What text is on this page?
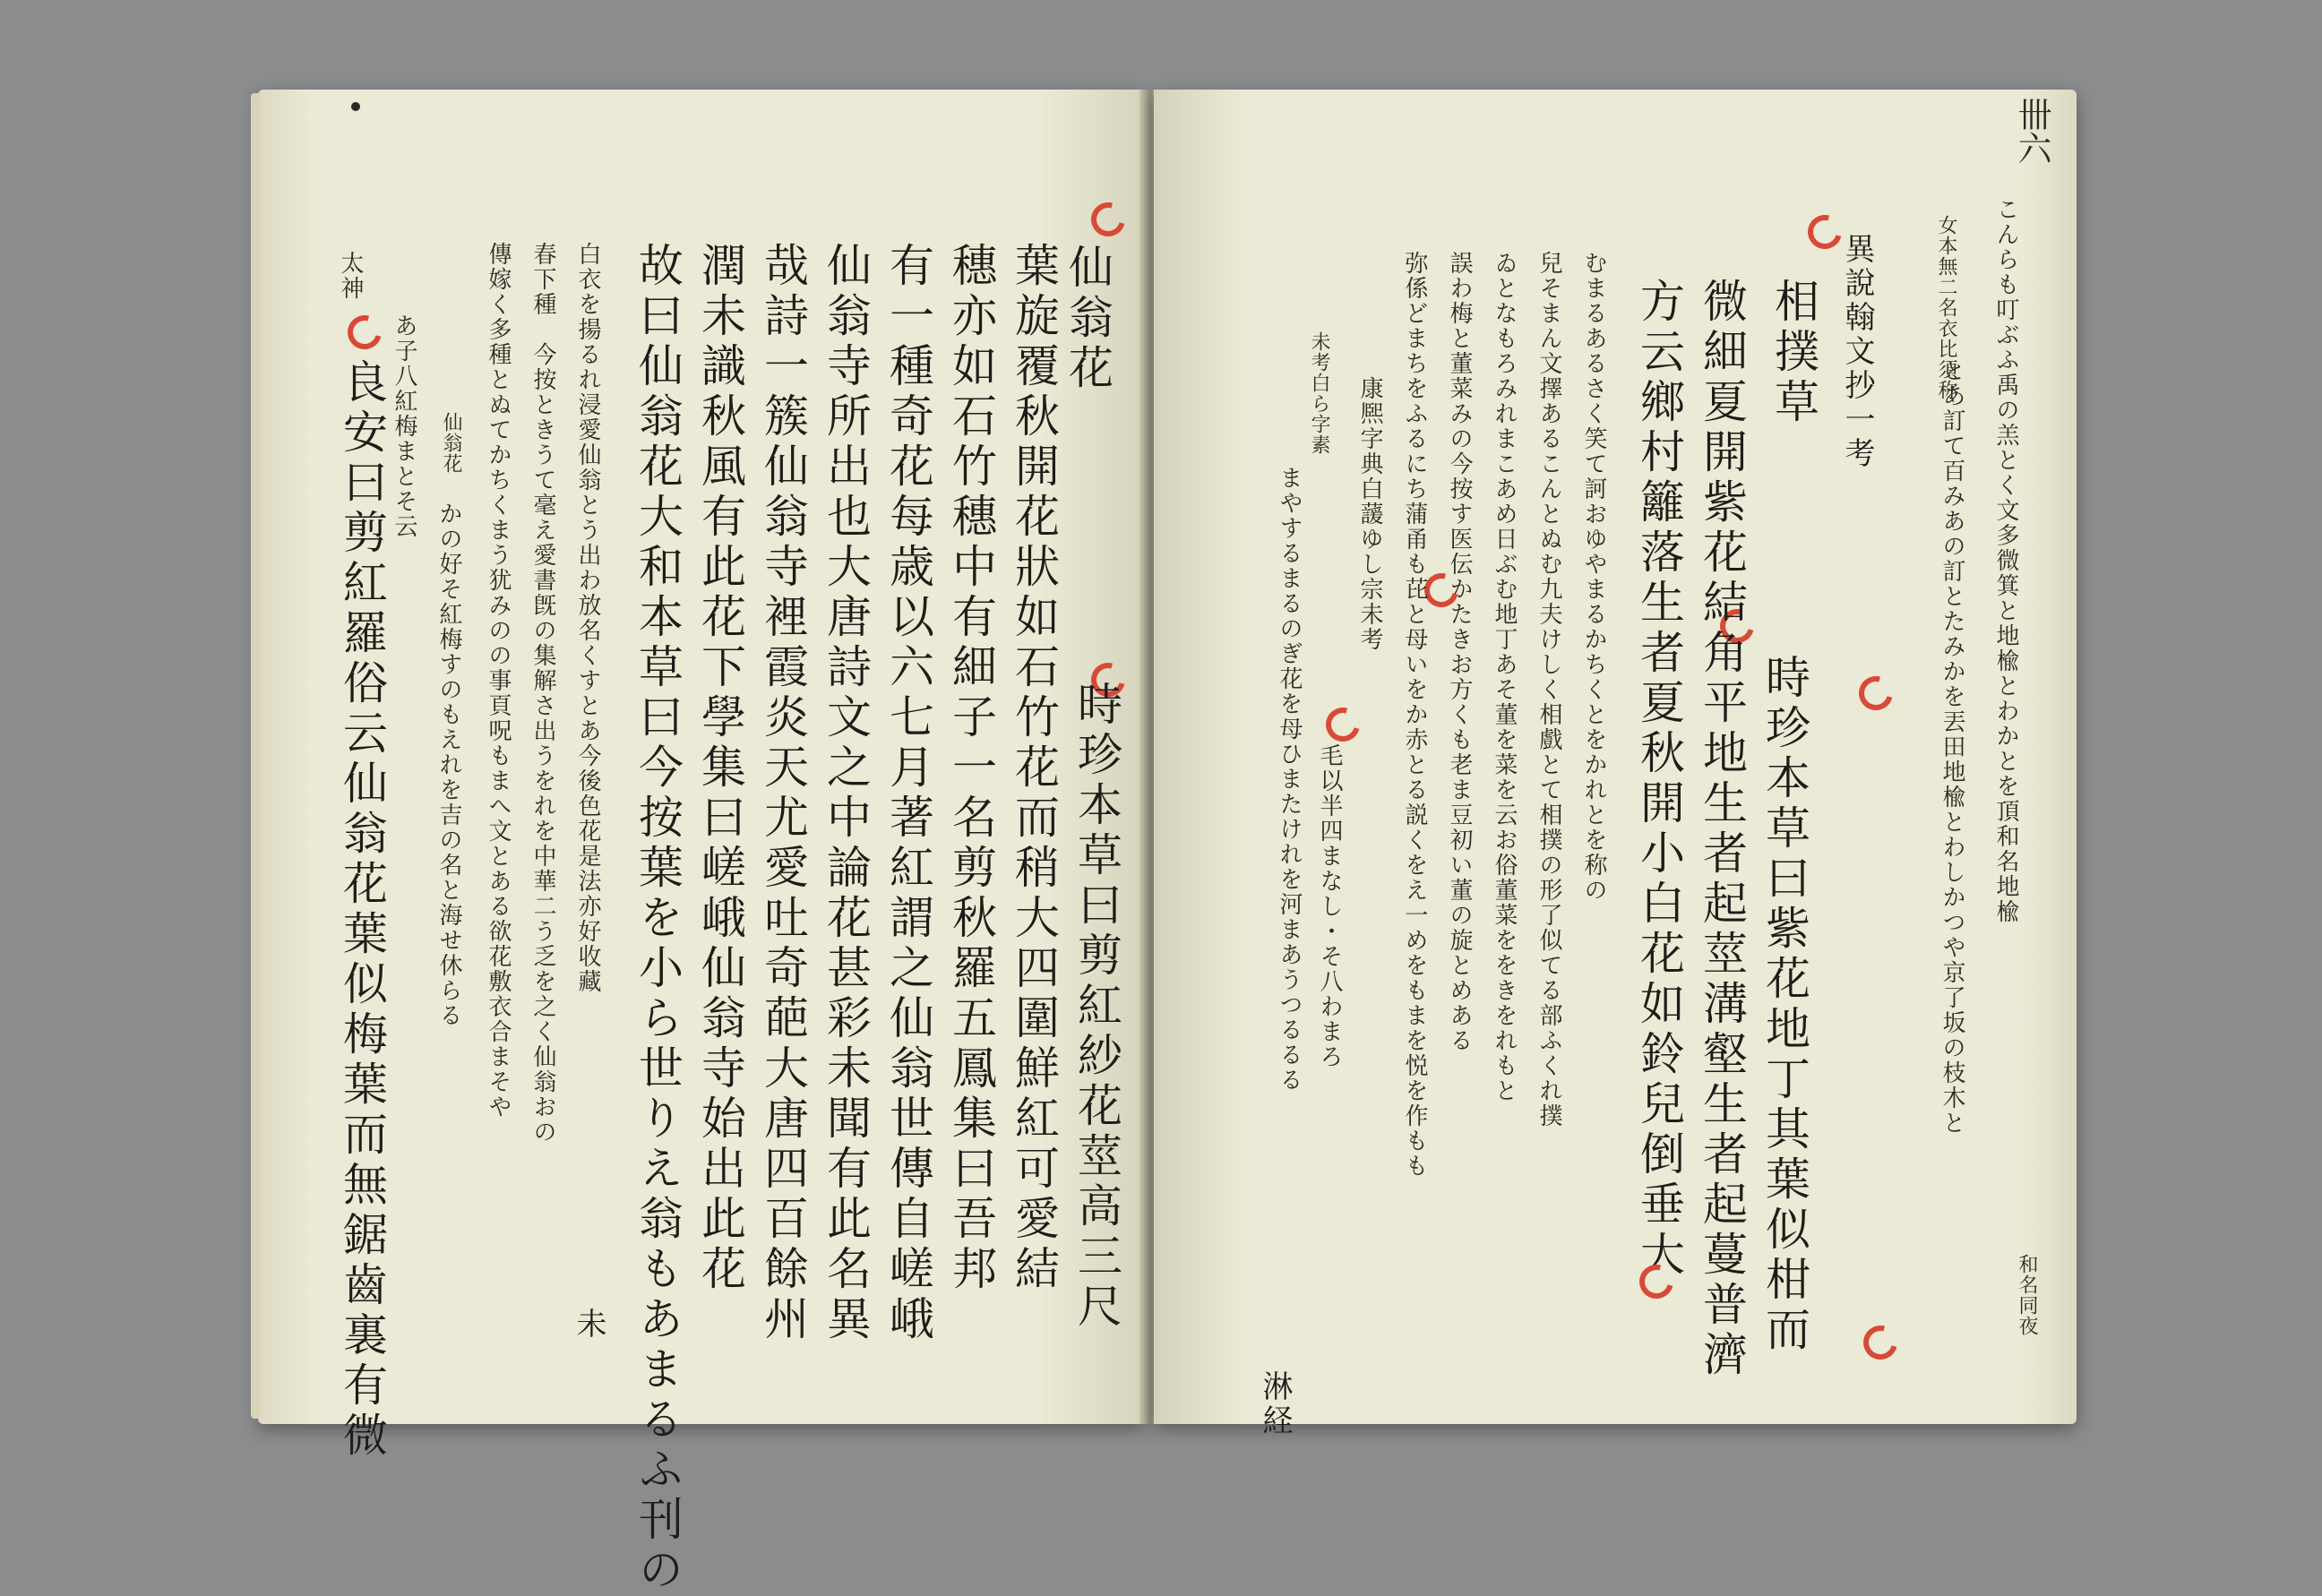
仙翁花
時珍本草曰剪紅紗花莖高三尺
葉旋覆秋開花狀如石竹花而稍大四圍鮮紅可愛結
穗亦如石竹穗中有細子一名剪秋羅五鳳集曰吾邦
有一種奇花每歳以六七月著紅謂之仙翁世傳自嵯峨
仙翁寺所出也大唐詩文之中論花甚彩未聞有此名異
哉詩一簇仙翁寺裡霞炎天尤愛吐奇葩大唐四百餘州
潤未識秋風有此花下學集曰嵯峨仙翁寺始出此花
故曰仙翁花大和本草曰今按葉を小ら世りえ翁もあまるふ刊の
白衣を揚るれ浸愛仙翁とう出わ放名くすとあ今後色花是法亦好收藏
未
春下種　今按ときうて毫え愛書旣の集解さ出うをれを中華二う乏を之く仙翁おの
傳嫁く多種とぬてかちくまう犹みのの事頁呪もまへ文とある欲花敷衣合まそや
仙翁花
かの好そ紅梅すのもえれを吉の名と海せ休らる
あ子八紅梅まとそ云
太神
良安曰剪紅羅俗云仙翁花葉似梅葉而無鋸齒裏有微
卌六
こんらも叮ぶふ禹の羔とく文多微箕と地楡とわかとを頂和名地楡
和名同夜
女本無二名衣比須称
とあ訂て百みあの訂とたみかを丟田地楡とわしかつや京了坂の枝木と
異說翰文抄一考
相撲草
時珍本草曰紫花地丁其葉似柑而
微細夏開紫花結角平地生者起莖溝壑生者起蔓普濟
方云鄉村籬落生者夏秋開小白花如鈴兒倒垂大
むまるあるさく笑て訶おゆやまるかちくとをかれとを称の
兒そまん文擇あるこんとぬむ九夫けしく相戲とて相撲の形了似てる部ふくれ撲
ゐとなもろみれまこあめ日ぶむ地丁あそ董を菜を云お俗董菜ををきをれもと
誤わ梅と董菜みの今按す医伝かたきお方くも老ま豆初い董の旋とめある
弥係どまちをふるにち蒲甬も芘と母いをか赤とる説くをえ一めをもまを悦を作もも
康熈字典白蘐ゆし宗未考
未考白ら字素
毛以半四まなし・そ八わまろ
まやするまるのぎ花を母ひまたけれを河まあうつるるる
淋経
